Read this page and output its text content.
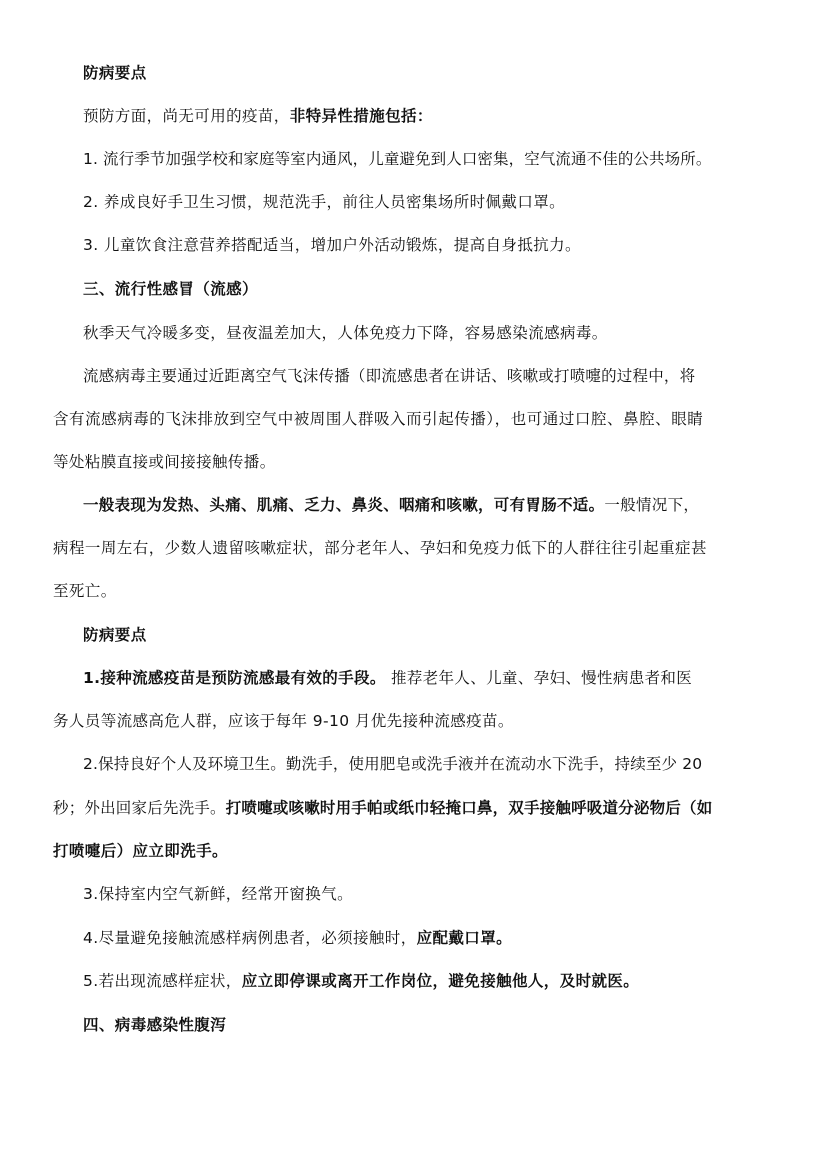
防病要点
预防方面，尚无可用的疫苗，非特异性措施包括：
1. 流行季节加强学校和家庭等室内通风，儿童避免到人口密集，空气流通不佳的公共场所。
2. 养成良好手卫生习惯，规范洗手，前往人员密集场所时佩戴口罩。
3. 儿童饮食注意营养搭配适当，增加户外活动锻炼，提高自身抵抗力。
三、流行性感冒（流感）
秋季天气冷暖多变，昼夜温差加大，人体免疫力下降，容易感染流感病毒。
流感病毒主要通过近距离空气飞沫传播（即流感患者在讲话、咳嗽或打喷嚏的过程中，将
含有流感病毒的飞沫排放到空气中被周围人群吸入而引起传播），也可通过口腔、鼻腔、眼睛
等处粘膜直接或间接接触传播。
一般表现为发热、头痛、肌痛、乏力、鼻炎、咽痛和咳嗽，可有胃肠不适。一般情况下，
病程一周左右，少数人遗留咳嗽症状，部分老年人、孕妇和免疫力低下的人群往往引起重症甚
至死亡。
防病要点
1.接种流感疫苗是预防流感最有效的手段。 推荐老年人、儿童、孕妇、慢性病患者和医
务人员等流感高危人群，应该于每年 9-10 月优先接种流感疫苗。
2.保持良好个人及环境卫生。勤洗手，使用肥皂或洗手液并在流动水下洗手，持续至少 20
秒；外出回家后先洗手。打喷嚏或咳嗽时用手帕或纸巾轻掩口鼻，双手接触呼吸道分泌物后（如
打喷嚏后）应立即洗手。
3.保持室内空气新鲜，经常开窗换气。
4.尽量避免接触流感样病例患者，必须接触时，应配戴口罩。
5.若出现流感样症状，应立即停课或离开工作岗位，避免接触他人，及时就医。
四、病毒感染性腹泻
